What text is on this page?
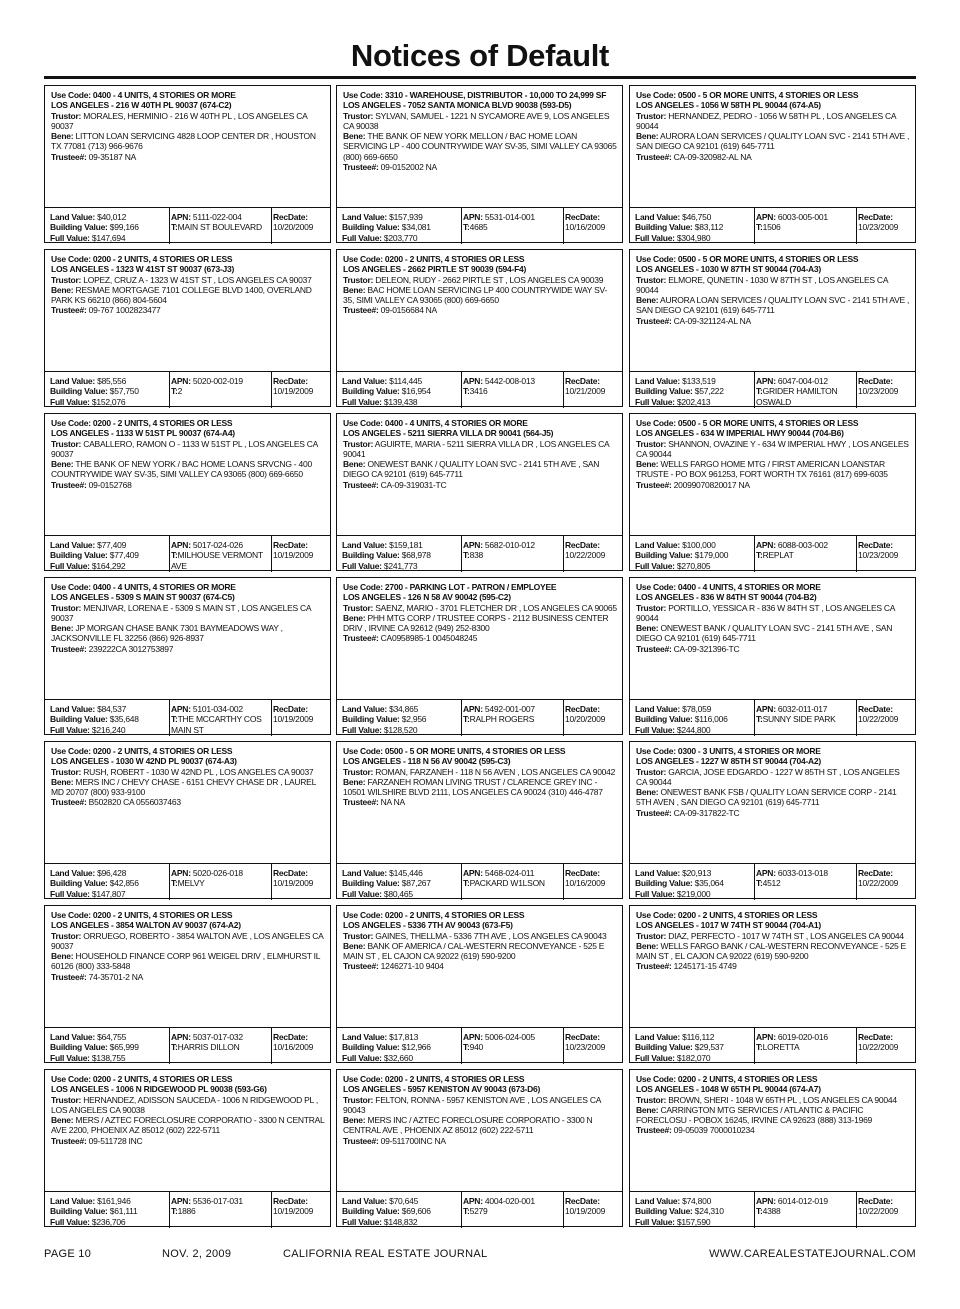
Notices of Default
Use Code: 0400 - 4 UNITS, 4 STORIES OR MORE
LOS ANGELES - 216 W 40TH PL 90037 (674-C2)
Trustor: MORALES, HERMINIO - 216 W 40TH PL , LOS ANGELES CA 90037
Bene: LITTON LOAN SERVICING 4828 LOOP CENTER DR , HOUSTON TX 77081 (713) 966-9676
Trustee#: 09-35187 NA
Land Value: $40,012
Building Value: $99,166
Full Value: $147,694
APN: 5111-022-004
T:MAIN ST BOULEVARD
RecDate:
10/20/2009
Use Code: 0200 - 2 UNITS, 4 STORIES OR LESS
LOS ANGELES - 1323 W 41ST ST 90037 (673-J3)
Trustor: LOPEZ, CRUZ A - 1323 W 41ST ST , LOS ANGELES CA 90037
Bene: RESMAE MORTGAGE 7101 COLLEGE BLVD 1400, OVERLAND PARK KS 66210 (866) 804-5604
Trustee#: 09-767 1002823477
Land Value: $85,556
Building Value: $57,750
Full Value: $152,076
APN: 5020-002-019
T:2
RecDate:
10/19/2009
Use Code: 0200 - 2 UNITS, 4 STORIES OR LESS
LOS ANGELES - 1133 W 51ST PL 90037 (674-A4)
Trustor: CABALLERO, RAMON O - 1133 W 51ST PL , LOS ANGELES CA 90037
Bene: THE BANK OF NEW YORK / BAC HOME LOANS SRVCNG - 400 COUNTRYWIDE WAY SV-35, SIMI VALLEY CA 93065 (800) 669-6650
Trustee#: 09-0152768
Land Value: $77,409
Building Value: $77,409
Full Value: $164,292
APN: 5017-024-026
T:MILHOUSE VERMONT AVE
RecDate:
10/19/2009
Use Code: 0400 - 4 UNITS, 4 STORIES OR MORE
LOS ANGELES - 5309 S MAIN ST 90037 (674-C5)
Trustor: MENJIVAR, LORENA E - 5309 S MAIN ST , LOS ANGELES CA 90037
Bene: JP MORGAN CHASE BANK 7301 BAYMEADOWS WAY , JACKSONVILLE FL 32256 (866) 926-8937
Trustee#: 239222CA 3012753897
Land Value: $84,537
Building Value: $35,648
Full Value: $216,240
APN: 5101-034-002
T:THE MCCARTHY COS MAIN ST
RecDate:
10/19/2009
Use Code: 0200 - 2 UNITS, 4 STORIES OR LESS
LOS ANGELES - 1030 W 42ND PL 90037 (674-A3)
Trustor: RUSH, ROBERT - 1030 W 42ND PL , LOS ANGELES CA 90037
Bene: MERS INC / CHEVY CHASE - 6151 CHEVY CHASE DR , LAUREL MD 20707 (800) 933-9100
Trustee#: B502820 CA 0556037463
Land Value: $96,428
Building Value: $42,856
Full Value: $147,807
APN: 5020-026-018
T:MELVY
RecDate:
10/19/2009
Use Code: 0200 - 2 UNITS, 4 STORIES OR LESS
LOS ANGELES - 3854 WALTON AV 90037 (674-A2)
Trustor: ORRUEGO, ROBERTO - 3854 WALTON AVE , LOS ANGELES CA 90037
Bene: HOUSEHOLD FINANCE CORP 961 WEIGEL DRIV , ELMHURST IL 60126 (800) 333-5848
Trustee#: 74-35701-2 NA
Land Value: $64,755
Building Value: $65,999
Full Value: $138,755
APN: 5037-017-032
T:HARRIS DILLON
RecDate:
10/16/2009
Use Code: 0200 - 2 UNITS, 4 STORIES OR LESS
LOS ANGELES - 1006 N RIDGEWOOD PL 90038 (593-G6)
Trustor: HERNANDEZ, ADISSON SAUCEDA - 1006 N RIDGEWOOD PL , LOS ANGELES CA 90038
Bene: MERS / AZTEC FORECLOSURE CORPORATIO - 3300 N CENTRAL AVE 2200, PHOENIX AZ 85012 (602) 222-5711
Trustee#: 09-511728 INC
Land Value: $161,946
Building Value: $61,111
Full Value: $236,706
APN: 5536-017-031
T:1886
RecDate:
10/19/2009
Use Code: 3310 - WAREHOUSE, DISTRIBUTOR - 10,000 TO 24,999 SF
LOS ANGELES - 7052 SANTA MONICA BLVD 90038 (593-D5)
Trustor: SYLVAN, SAMUEL - 1221 N SYCAMORE AVE 9, LOS ANGELES CA 90038
Bene: THE BANK OF NEW YORK MELLON / BAC HOME LOAN SERVICING LP - 400 COUNTRYWIDE WAY SV-35, SIMI VALLEY CA 93065 (800) 669-6650
Trustee#: 09-0152002 NA
Land Value: $157,939
Building Value: $34,081
Full Value: $203,770
APN: 5531-014-001
T:4685
RecDate:
10/16/2009
Use Code: 0200 - 2 UNITS, 4 STORIES OR LESS
LOS ANGELES - 2662 PIRTLE ST 90039 (594-F4)
Trustor: DELEON, RUDY - 2662 PIRTLE ST , LOS ANGELES CA 90039
Bene: BAC HOME LOAN SERVICING LP 400 COUNTRYWIDE WAY SV-35, SIMI VALLEY CA 93065 (800) 669-6650
Trustee#: 09-0156684 NA
Land Value: $114,445
Building Value: $16,954
Full Value: $139,438
APN: 5442-008-013
T:3416
RecDate:
10/21/2009
Use Code: 0400 - 4 UNITS, 4 STORIES OR MORE
LOS ANGELES - 5211 SIERRA VILLA DR 90041 (564-J5)
Trustor: AGUIRTE, MARIA - 5211 SIERRA VILLA DR , LOS ANGELES CA 90041
Bene: ONEWEST BANK / QUALITY LOAN SVC - 2141 5TH AVE , SAN DIEGO CA 92101 (619) 645-7711
Trustee#: CA-09-319031-TC
Land Value: $159,181
Building Value: $68,978
Full Value: $241,773
APN: 5682-010-012
T:838
RecDate:
10/22/2009
Use Code: 2700 - PARKING LOT - PATRON / EMPLOYEE
LOS ANGELES - 126 N 58 AV 90042 (595-C2)
Trustor: SAENZ, MARIO - 3701 FLETCHER DR , LOS ANGELES CA 90065
Bene: PHH MTG CORP / TRUSTEE CORPS - 2112 BUSINESS CENTER DRIV , IRVINE CA 92612 (949) 252-8300
Trustee#: CA0958985-1 0045048245
Land Value: $34,865
Building Value: $2,956
Full Value: $128,520
APN: 5492-001-007
T:RALPH ROGERS
RecDate:
10/20/2009
Use Code: 0500 - 5 OR MORE UNITS, 4 STORIES OR LESS
LOS ANGELES - 118 N 56 AV 90042 (595-C3)
Trustor: ROMAN, FARZANEH - 118 N 56 AVEN , LOS ANGELES CA 90042
Bene: FARZANEH ROMAN LIVING TRUST / CLARENCE GREY INC - 10501 WILSHIRE BLVD 2111, LOS ANGELES CA 90024 (310) 446-4787
Trustee#: NA NA
Land Value: $145,446
Building Value: $87,267
Full Value: $80,465
APN: 5468-024-011
T:PACKARD W1LSON
RecDate:
10/16/2009
Use Code: 0200 - 2 UNITS, 4 STORIES OR LESS
LOS ANGELES - 5336 7TH AV 90043 (673-F5)
Trustor: GAINES, THELLMA - 5336 7TH AVE , LOS ANGELES CA 90043
Bene: BANK OF AMERICA / CAL-WESTERN RECONVEYANCE - 525 E MAIN ST , EL CAJON CA 92022 (619) 590-9200
Trustee#: 1246271-10 9404
Land Value: $17,813
Building Value: $12,966
Full Value: $32,660
APN: 5006-024-005
T:940
RecDate:
10/23/2009
Use Code: 0200 - 2 UNITS, 4 STORIES OR LESS
LOS ANGELES - 5957 KENISTON AV 90043 (673-D6)
Trustor: FELTON, RONNA - 5957 KENISTON AVE , LOS ANGELES CA 90043
Bene: MERS INC / AZTEC FORECLOSURE CORPORATIO - 3300 N CENTRAL AVE , PHOENIX AZ 85012 (602) 222-5711
Trustee#: 09-511700INC NA
Land Value: $70,645
Building Value: $69,606
Full Value: $148,832
APN: 4004-020-001
T:5279
RecDate:
10/19/2009
Use Code: 0500 - 5 OR MORE UNITS, 4 STORIES OR LESS
LOS ANGELES - 1056 W 58TH PL 90044 (674-A5)
Trustor: HERNANDEZ, PEDRO - 1056 W 58TH PL , LOS ANGELES CA 90044
Bene: AURORA LOAN SERVICES / QUALITY LOAN SVC - 2141 5TH AVE , SAN DIEGO CA 92101 (619) 645-7711
Trustee#: CA-09-320982-AL NA
Land Value: $46,750
Building Value: $83,112
Full Value: $304,980
APN: 6003-005-001
T:1506
RecDate:
10/23/2009
Use Code: 0500 - 5 OR MORE UNITS, 4 STORIES OR LESS
LOS ANGELES - 1030 W 87TH ST 90044 (704-A3)
Trustor: ELMORE, QUNETIN - 1030 W 87TH ST , LOS ANGELES CA 90044
Bene: AURORA LOAN SERVICES / QUALITY LOAN SVC - 2141 5TH AVE , SAN DIEGO CA 92101 (619) 645-7711
Trustee#: CA-09-321124-AL NA
Land Value: $133,519
Building Value: $57,222
Full Value: $202,413
APN: 6047-004-012
T:GRIDER HAMILTON OSWALD
RecDate:
10/23/2009
Use Code: 0500 - 5 OR MORE UNITS, 4 STORIES OR LESS
LOS ANGELES - 634 W IMPERIAL HWY 90044 (704-B6)
Trustor: SHANNON, OVAZINE Y - 634 W IMPERIAL HWY , LOS ANGELES CA 90044
Bene: WELLS FARGO HOME MTG / FIRST AMERICAN LOANSTAR TRUSTE - PO BOX 961253, FORT WORTH TX 76161 (817) 699-6035
Trustee#: 20099070820017 NA
Land Value: $100,000
Building Value: $179,000
Full Value: $270,805
APN: 6088-003-002
T:REPLAT
RecDate:
10/23/2009
Use Code: 0400 - 4 UNITS, 4 STORIES OR MORE
LOS ANGELES - 836 W 84TH ST 90044 (704-B2)
Trustor: PORTILLO, YESSICA R - 836 W 84TH ST , LOS ANGELES CA 90044
Bene: ONEWEST BANK / QUALITY LOAN SVC - 2141 5TH AVE , SAN DIEGO CA 92101 (619) 645-7711
Trustee#: CA-09-321396-TC
Land Value: $78,059
Building Value: $116,006
Full Value: $244,800
APN: 6032-011-017
T:SUNNY SIDE PARK
RecDate:
10/22/2009
Use Code: 0300 - 3 UNITS, 4 STORIES OR MORE
LOS ANGELES - 1227 W 85TH ST 90044 (704-A2)
Trustor: GARCIA, JOSE EDGARDO - 1227 W 85TH ST , LOS ANGELES CA 90044
Bene: ONEWEST BANK FSB / QUALITY LOAN SERVICE CORP - 2141 5TH AVEN , SAN DIEGO CA 92101 (619) 645-7711
Trustee#: CA-09-317822-TC
Land Value: $20,913
Building Value: $35,064
Full Value: $219,000
APN: 6033-013-018
T:4512
RecDate:
10/22/2009
Use Code: 0200 - 2 UNITS, 4 STORIES OR LESS
LOS ANGELES - 1017 W 74TH ST 90044 (704-A1)
Trustor: DIAZ, PERFECTO - 1017 W 74TH ST , LOS ANGELES CA 90044
Bene: WELLS FARGO BANK / CAL-WESTERN RECONVEYANCE - 525 E MAIN ST , EL CAJON CA 92022 (619) 590-9200
Trustee#: 1245171-15 4749
Land Value: $116,112
Building Value: $29,537
Full Value: $182,070
APN: 6019-020-016
T:LORETTA
RecDate:
10/22/2009
Use Code: 0200 - 2 UNITS, 4 STORIES OR LESS
LOS ANGELES - 1048 W 65TH PL 90044 (674-A7)
Trustor: BROWN, SHERI - 1048 W 65TH PL , LOS ANGELES CA 90044
Bene: CARRINGTON MTG SERVICES / ATLANTIC & PACIFIC FORECLOSU - POBOX 16245, IRVINE CA 92623 (888) 313-1969
Trustee#: 09-05039 7000010234
Land Value: $74,800
Building Value: $24,310
Full Value: $157,590
APN: 6014-012-019
T:4388
RecDate:
10/22/2009
PAGE 10	NOV. 2, 2009	CALIFORNIA REAL ESTATE JOURNAL	WWW.CAREALESTATEJOURNAL.COM
